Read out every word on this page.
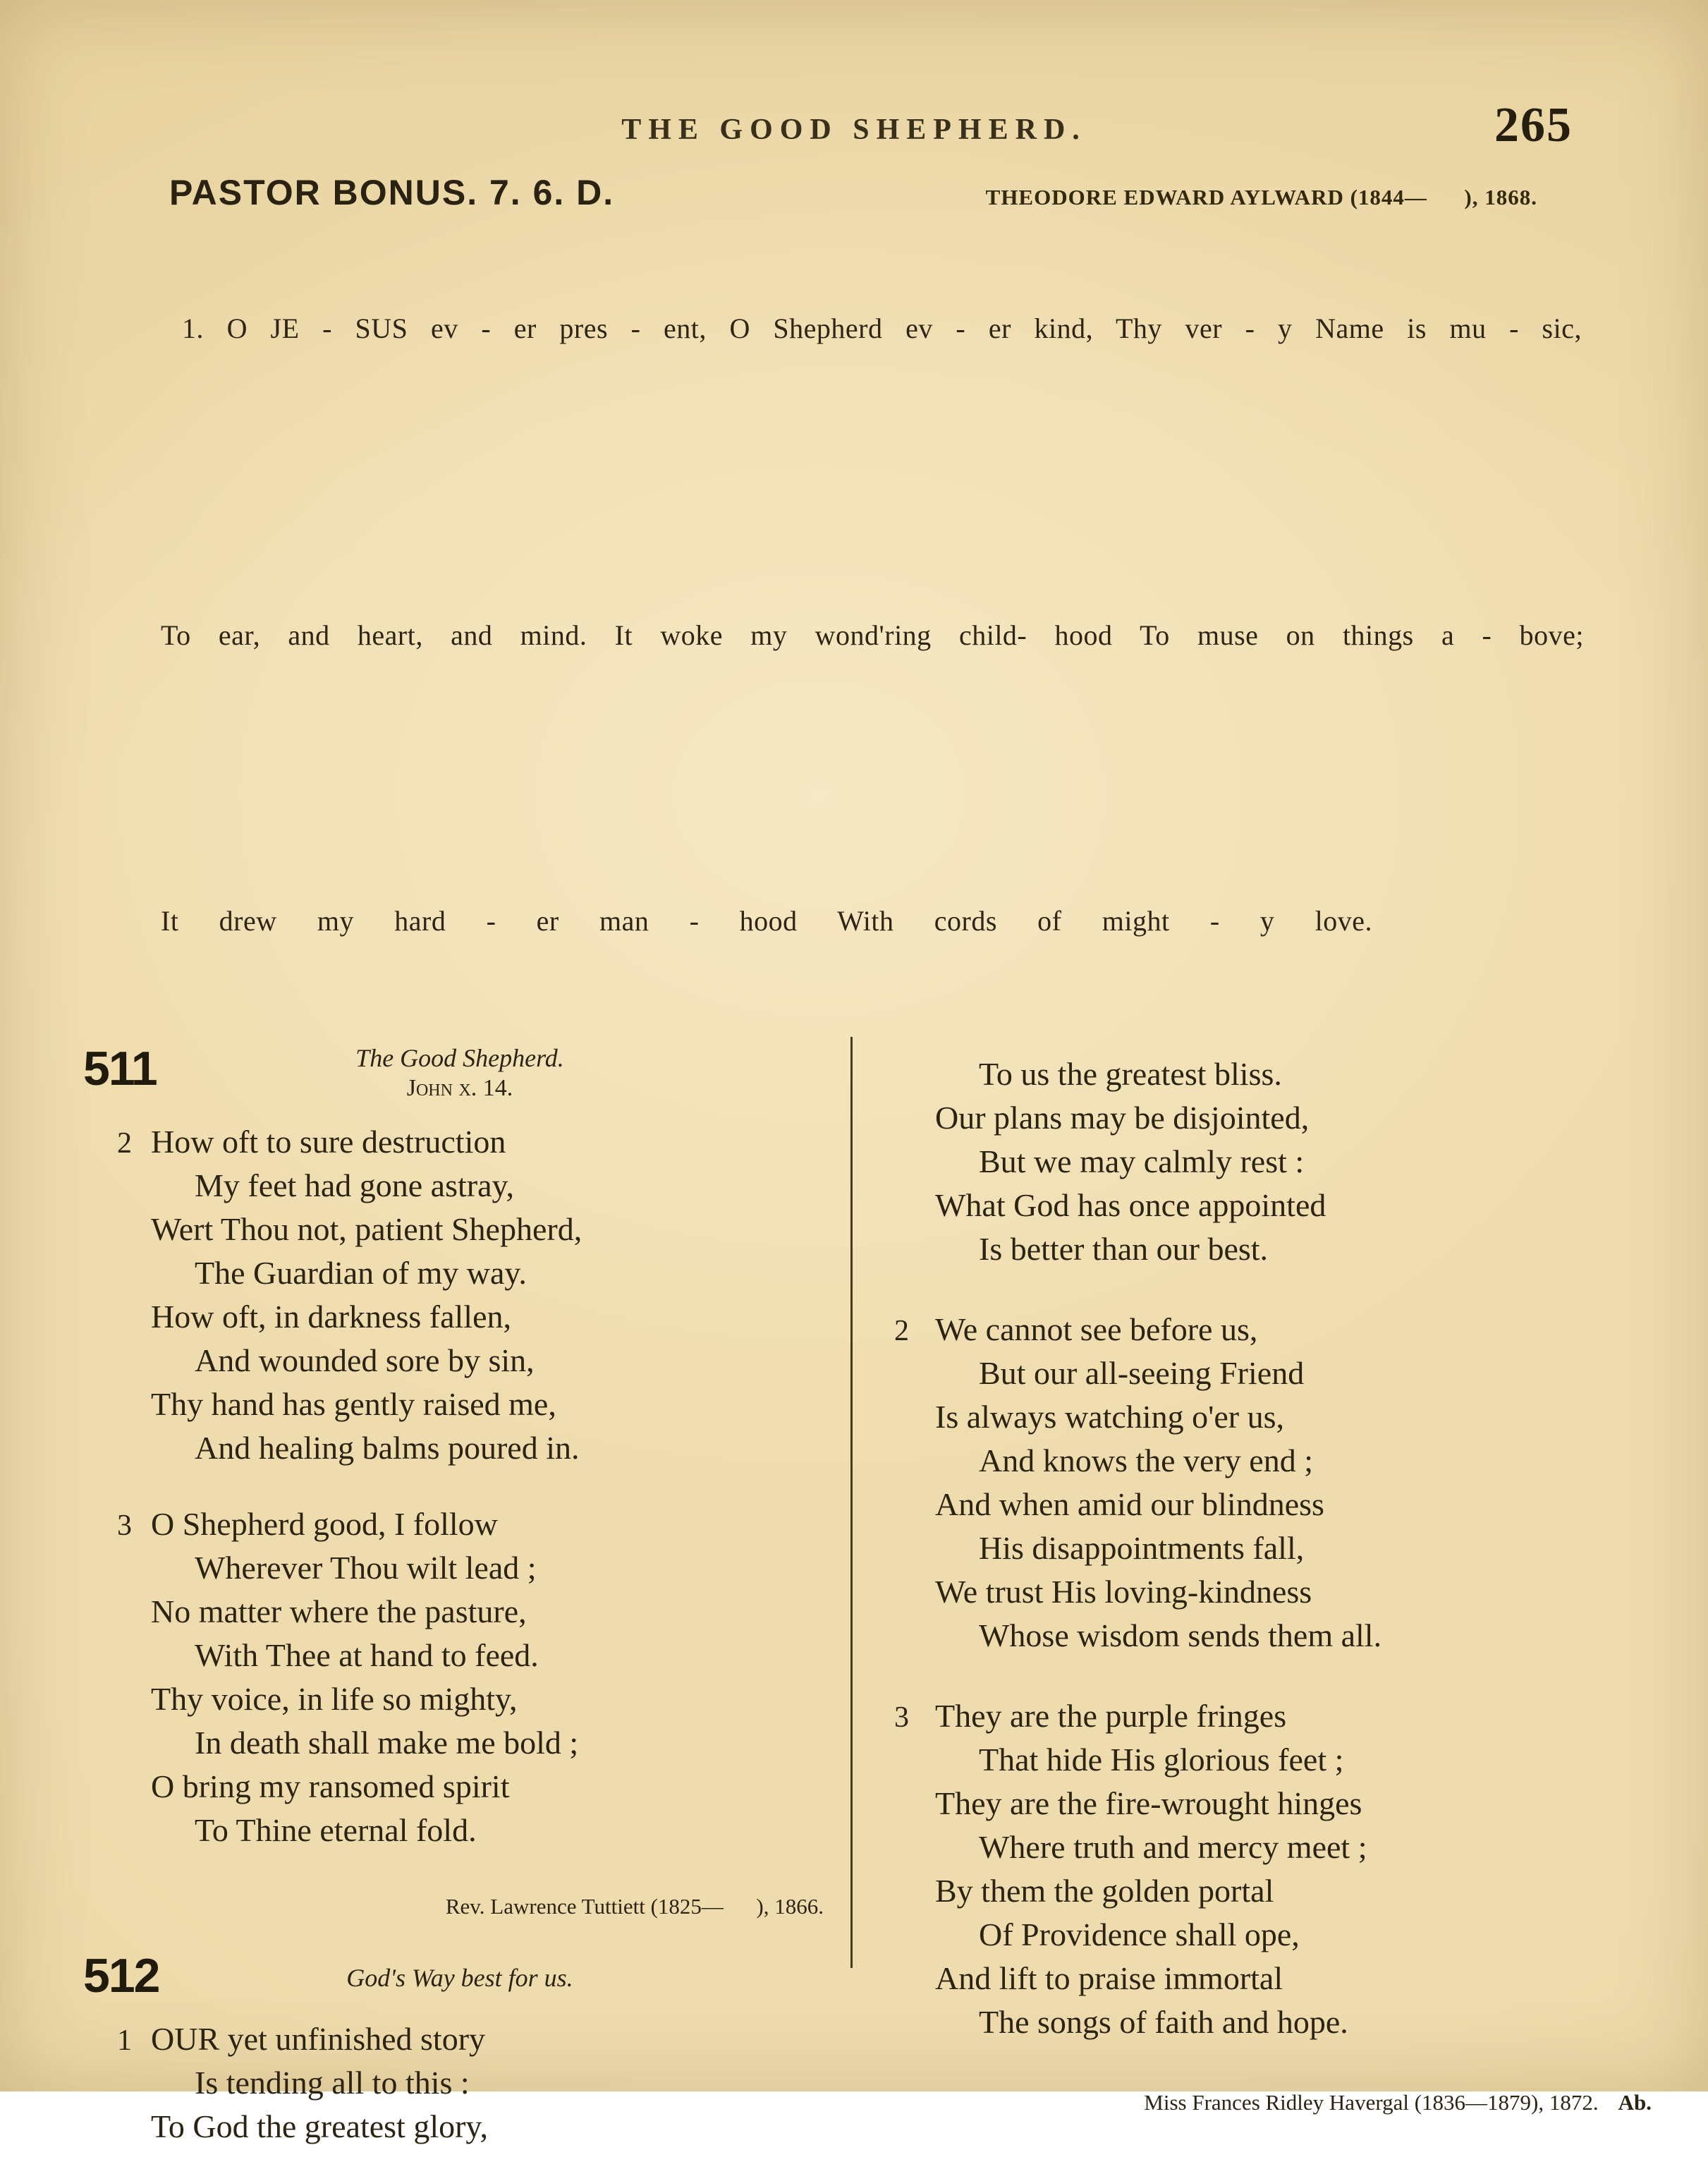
THE GOOD SHEPHERD.	265
PASTOR BONUS. 7. 6. D.	THEODORE EDWARD AYLWARD (1844—      ), 1868.
1. O JE - SUS ev - er pres - ent, O Shepherd ev - er kind, Thy ver - y Name is mu - sic,
To ear, and heart, and mind. It woke my wond'ring child- hood To muse on things a - bove;
It drew my hard - er man - hood With cords of might - y love.
511	The Good Shepherd.
John x. 14.
2 How oft to sure destruction
My feet had gone astray,
Wert Thou not, patient Shepherd,
The Guardian of my way.
How oft, in darkness fallen,
And wounded sore by sin,
Thy hand has gently raised me,
And healing balms poured in.
3 O Shepherd good, I follow
Wherever Thou wilt lead ;
No matter where the pasture,
With Thee at hand to feed.
Thy voice, in life so mighty,
In death shall make me bold ;
O bring my ransomed spirit
To Thine eternal fold.
Rev. Lawrence Tuttiett (1825—      ), 1866.
512	God's Way best for us.
1 OUR yet unfinished story
Is tending all to this :
To God the greatest glory,
To us the greatest bliss.
Our plans may be disjointed,
But we may calmly rest :
What God has once appointed
Is better than our best.
2 We cannot see before us,
But our all-seeing Friend
Is always watching o'er us,
And knows the very end ;
And when amid our blindness
His disappointments fall,
We trust His loving-kindness
Whose wisdom sends them all.
3 They are the purple fringes
That hide His glorious feet ;
They are the fire-wrought hinges
Where truth and mercy meet ;
By them the golden portal
Of Providence shall ope,
And lift to praise immortal
The songs of faith and hope.
Miss Frances Ridley Havergal (1836—1879), 1872. Ab.
